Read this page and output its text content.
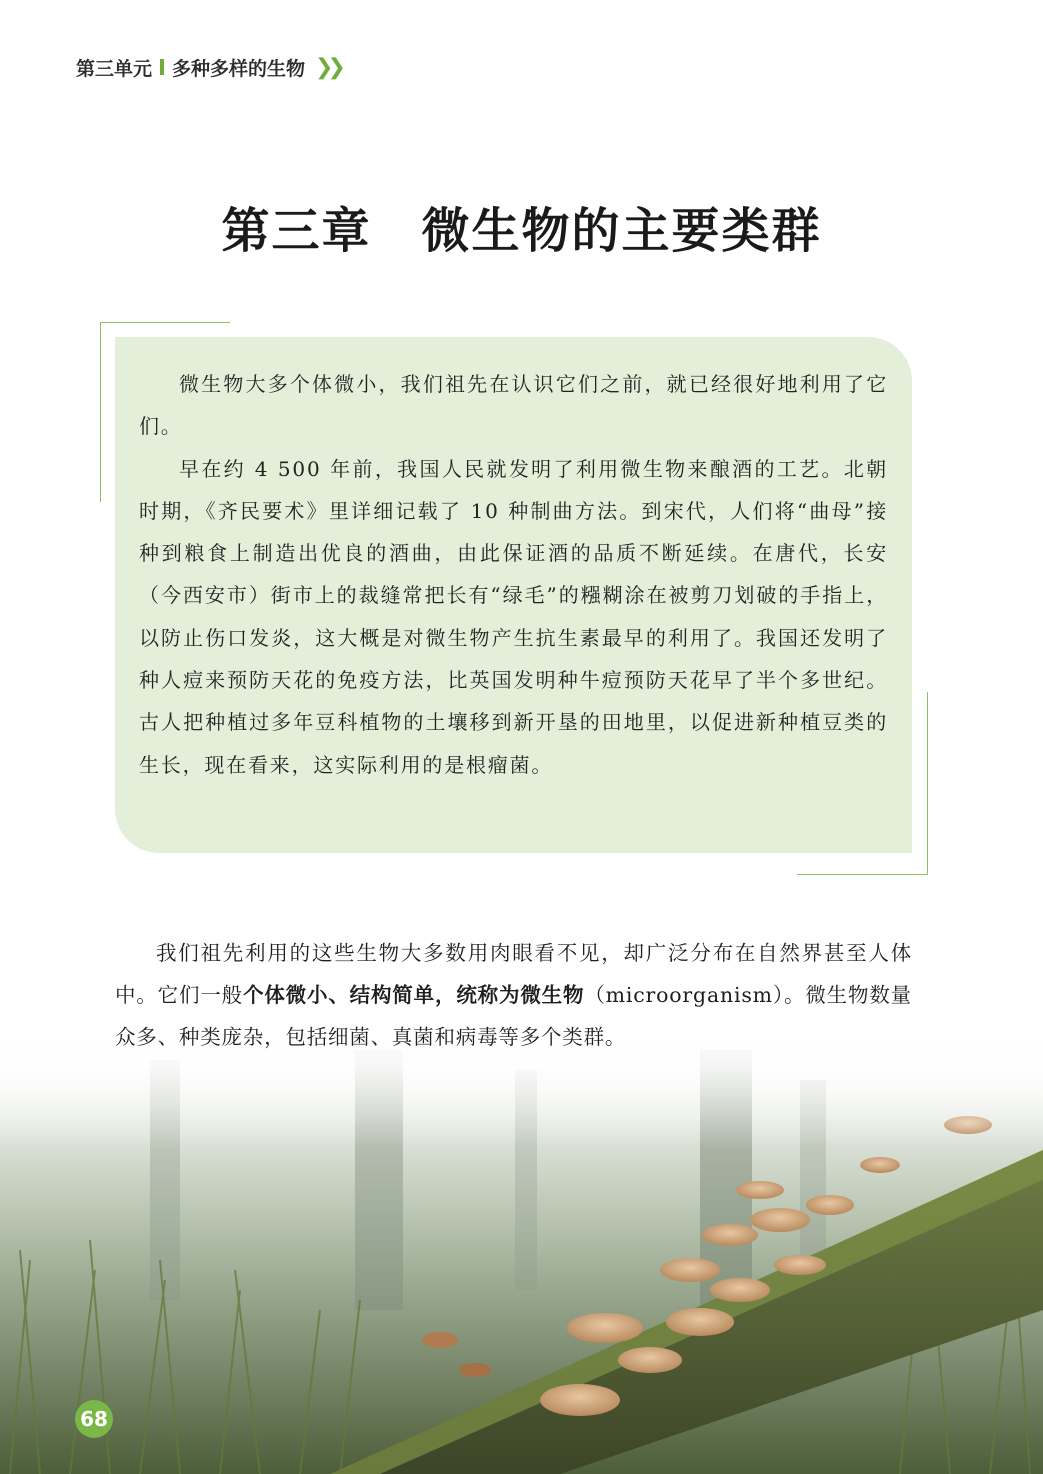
第三单元 多种多样的生物 ❯❯
第三章　微生物的主要类群

微生物大多个体微小，我们祖先在认识它们之前，就已经很好地利用了它们。

早在约 4 500 年前，我国人民就发明了利用微生物来酿酒的工艺。北朝时期，《齐民要术》里详细记载了 10 种制曲方法。到宋代，人们将“曲母”接种到粮食上制造出优良的酒曲，由此保证酒的品质不断延续。在唐代，长安（今西安市）街市上的裁缝常把长有“绿毛”的糨糊涂在被剪刀划破的手指上，以防止伤口发炎，这大概是对微生物产生抗生素最早的利用了。我国还发明了种人痘来预防天花的免疫方法，比英国发明种牛痘预防天花早了半个多世纪。古人把种植过多年豆科植物的土壤移到新开垦的田地里，以促进新种植豆类的生长，现在看来，这实际利用的是根瘤菌。

我们祖先利用的这些生物大多数用肉眼看不见，却广泛分布在自然界甚至人体中。它们一般个体微小、结构简单，统称为微生物（microorganism）。微生物数量众多、种类庞杂，包括细菌、真菌和病毒等多个类群。

68
